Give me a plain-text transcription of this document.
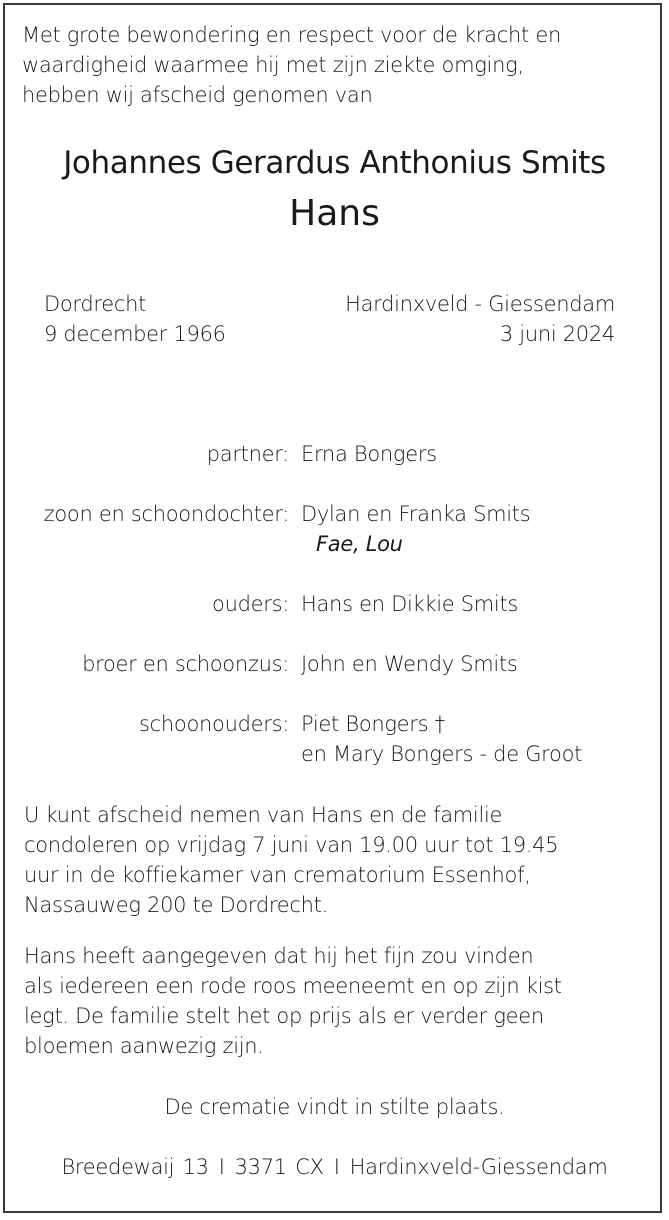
Met grote bewondering en respect voor de kracht en
waardigheid waarmee hij met zijn ziekte omging,
hebben wij afscheid genomen van
Johannes Gerardus Anthonius Smits
Hans
Dordrecht
9 december 1966
Hardinxveld - Giessendam
3 juni 2024
partner: Erna Bongers
zoon en schoondochter: Dylan en Franka Smits
Fae, Lou
ouders: Hans en Dikkie Smits
broer en schoonzus: John en Wendy Smits
schoonouders: Piet Bongers †
en Mary Bongers - de Groot
U kunt afscheid nemen van Hans en de familie
condoleren op vrijdag 7 juni van 19.00 uur tot 19.45
uur in de koffiekamer van crematorium Essenhof,
Nassauweg 200 te Dordrecht.
Hans heeft aangegeven dat hij het fijn zou vinden
als iedereen een rode roos meeneemt en op zijn kist
legt. De familie stelt het op prijs als er verder geen
bloemen aanwezig zijn.
De crematie vindt in stilte plaats.
Breedewaij 13 I 3371 CX I Hardinxveld-Giessendam
